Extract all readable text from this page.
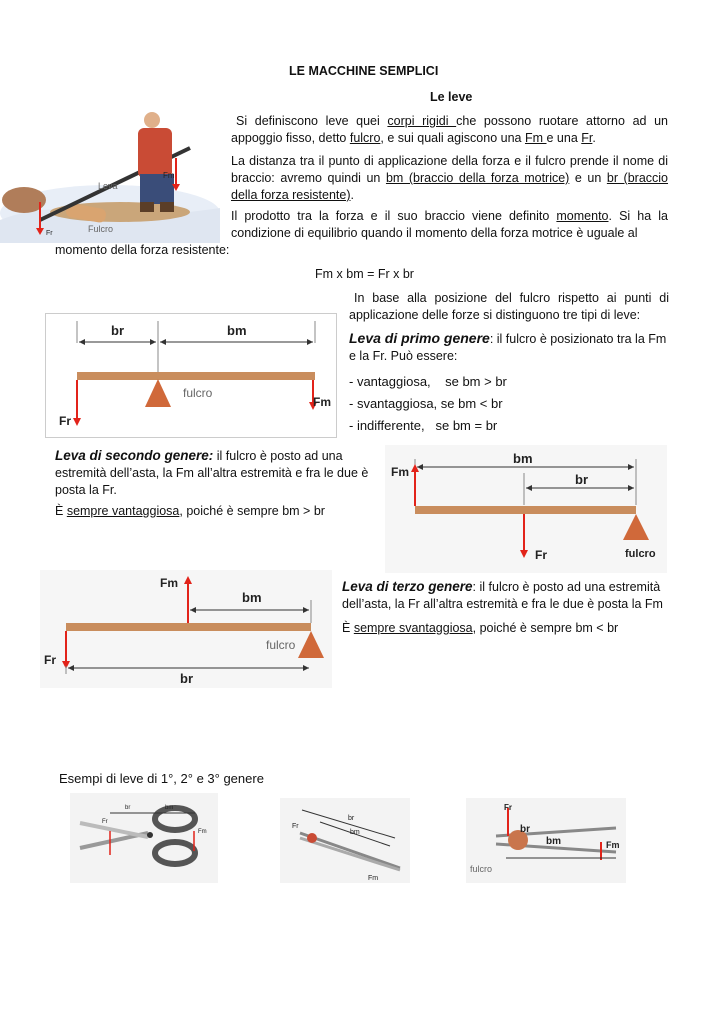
LE MACCHINE SEMPLICI
Le leve
Si definiscono leve quei corpi rigidi che possono ruotare attorno ad un appoggio fisso, detto fulcro, e sui quali agiscono una Fm e una Fr.
La distanza tra il punto di applicazione della forza e il fulcro prende il nome di braccio: avremo quindi un bm (braccio della forza motrice) e un br (braccio della forza resistente).
Il prodotto tra la forza e il suo braccio viene definito momento. Si ha la condizione di equilibrio quando il momento della forza motrice è uguale al
momento della forza resistente:
Fm x bm = Fr x br
Leva
Fulcro
Fm
Fr
In base alla posizione del fulcro rispetto ai punti di applicazione delle forze si distinguono tre tipi di leve:
Leva di primo genere: il fulcro è posizionato tra la Fm e la Fr. Può essere:
- vantaggiosa,    se bm > br
- svantaggiosa, se bm < br
- indifferente,   se bm = br
br	bm
fulcro
Fr
Fm
Leva di secondo genere: il fulcro è posto ad una estremità dell’asta, la Fm all’altra estremità e fra le due è posta la Fr.
È sempre vantaggiosa, poiché è sempre bm > br
bm
br
fulcro
Fm
Fr
Fm
bm
fulcro
Fr
br
Leva di terzo genere: il fulcro è posto ad una estremità dell’asta, la Fr all’altra estremità e fra le due è posta la Fm
È sempre svantaggiosa, poiché è sempre bm < br
Esempi di leve di 1°, 2° e 3° genere
br	bm
Fr
Fm
br
bm
Fr
Fm
Fr
br
bm	Fm
fulcro
